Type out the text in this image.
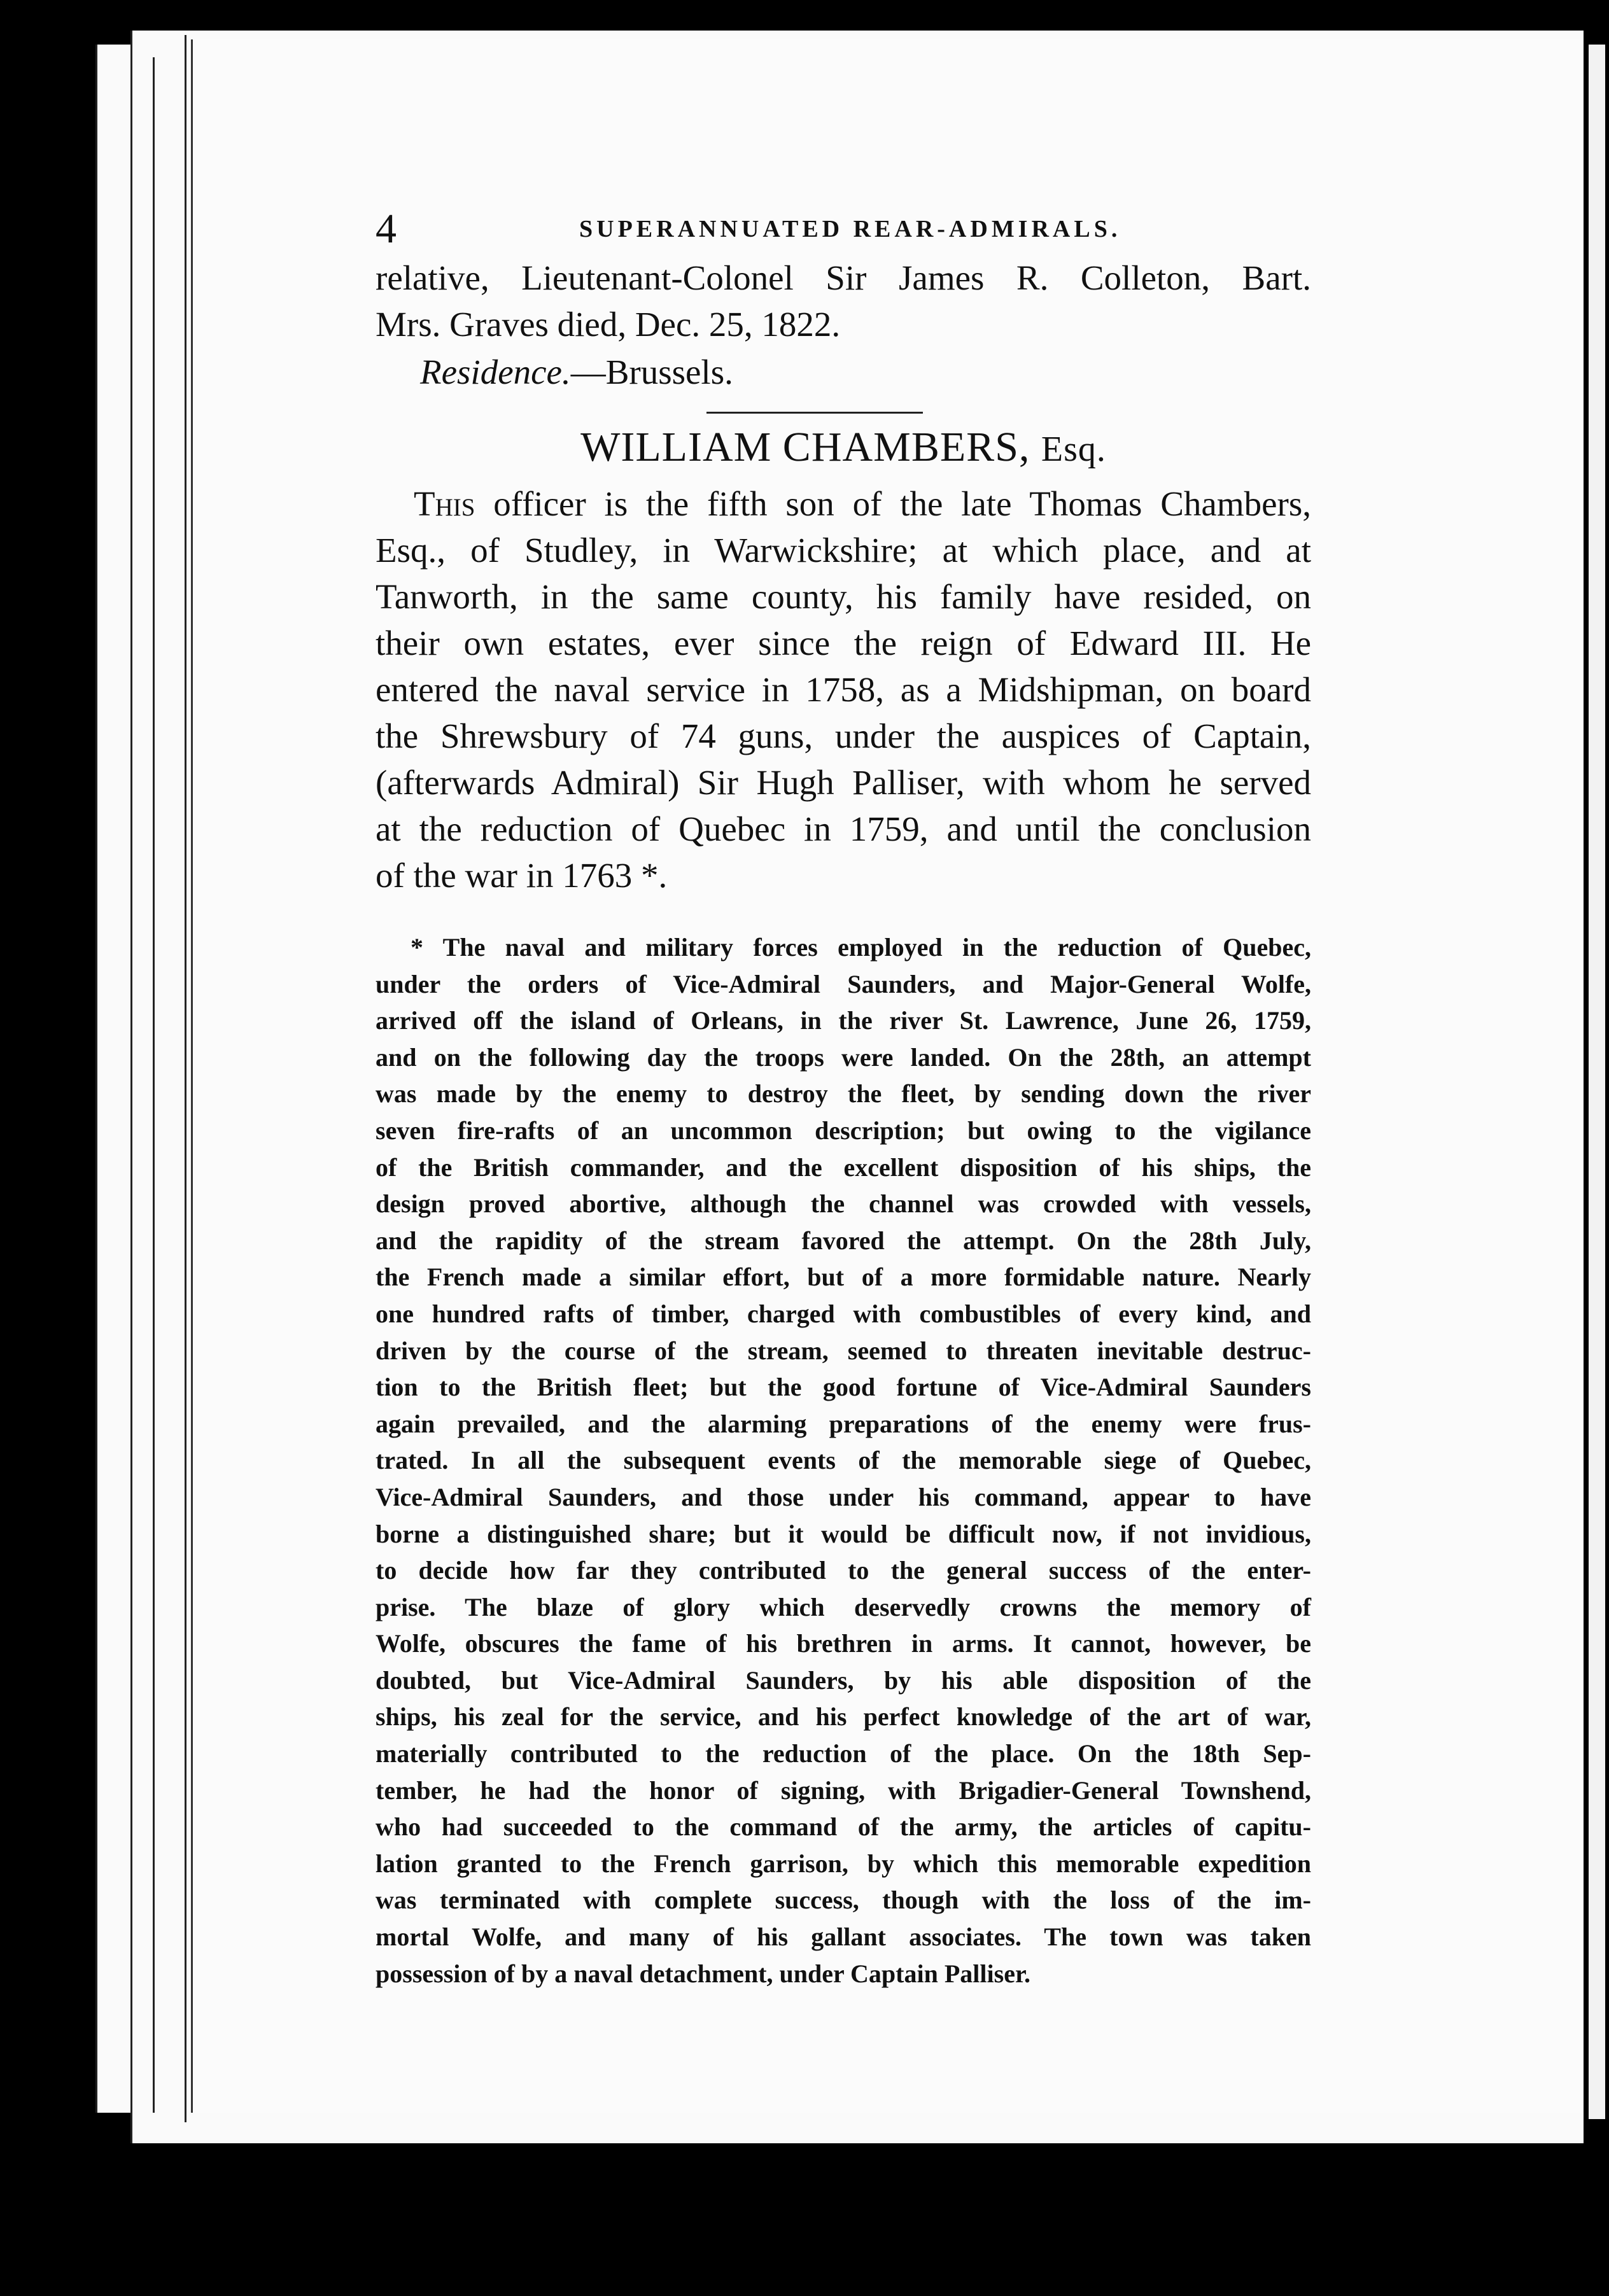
4	SUPERANNUATED REAR-ADMIRALS.
relative, Lieutenant-Colonel Sir James R. Colleton, Bart.
Mrs. Graves died, Dec. 25, 1822.
Residence.—Brussels.
WILLIAM CHAMBERS, Esq.
This officer is the fifth son of the late Thomas Chambers,
Esq., of Studley, in Warwickshire; at which place, and at
Tanworth, in the same county, his family have resided, on
their own estates, ever since the reign of Edward III. He
entered the naval service in 1758, as a Midshipman, on board
the Shrewsbury of 74 guns, under the auspices of Captain,
(afterwards Admiral) Sir Hugh Palliser, with whom he served
at the reduction of Quebec in 1759, and until the conclusion
of the war in 1763 *.
* The naval and military forces employed in the reduction of Quebec,
under the orders of Vice-Admiral Saunders, and Major-General Wolfe,
arrived off the island of Orleans, in the river St. Lawrence, June 26, 1759,
and on the following day the troops were landed. On the 28th, an attempt
was made by the enemy to destroy the fleet, by sending down the river
seven fire-rafts of an uncommon description; but owing to the vigilance
of the British commander, and the excellent disposition of his ships, the
design proved abortive, although the channel was crowded with vessels,
and the rapidity of the stream favored the attempt. On the 28th July,
the French made a similar effort, but of a more formidable nature. Nearly
one hundred rafts of timber, charged with combustibles of every kind, and
driven by the course of the stream, seemed to threaten inevitable destruc-
tion to the British fleet; but the good fortune of Vice-Admiral Saunders
again prevailed, and the alarming preparations of the enemy were frus-
trated. In all the subsequent events of the memorable siege of Quebec,
Vice-Admiral Saunders, and those under his command, appear to have
borne a distinguished share; but it would be difficult now, if not invidious,
to decide how far they contributed to the general success of the enter-
prise. The blaze of glory which deservedly crowns the memory of
Wolfe, obscures the fame of his brethren in arms. It cannot, however, be
doubted, but Vice-Admiral Saunders, by his able disposition of the
ships, his zeal for the service, and his perfect knowledge of the art of war,
materially contributed to the reduction of the place. On the 18th Sep-
tember, he had the honor of signing, with Brigadier-General Townshend,
who had succeeded to the command of the army, the articles of capitu-
lation granted to the French garrison, by which this memorable expedition
was terminated with complete success, though with the loss of the im-
mortal Wolfe, and many of his gallant associates. The town was taken
possession of by a naval detachment, under Captain Palliser.
